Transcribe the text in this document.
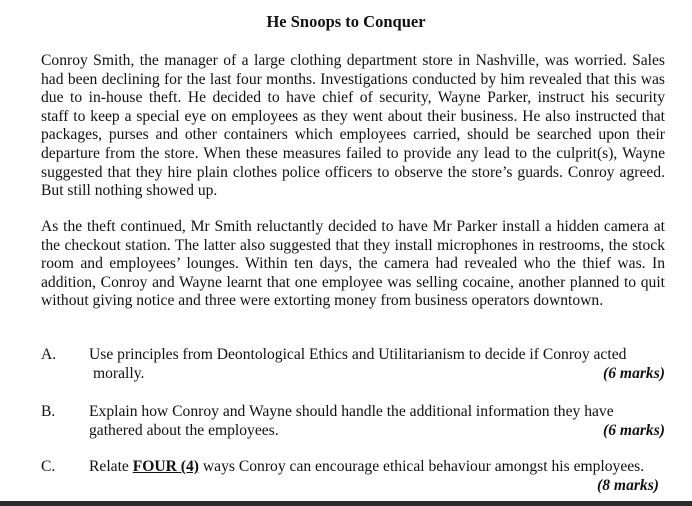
He Snoops to Conquer
Conroy Smith, the manager of a large clothing department store in Nashville, was worried. Sales
had been declining for the last four months. Investigations conducted by him revealed that this was
due to in-house theft. He decided to have chief of security, Wayne Parker, instruct his security
staff to keep a special eye on employees as they went about their business. He also instructed that
packages, purses and other containers which employees carried, should be searched upon their
departure from the store. When these measures failed to provide any lead to the culprit(s), Wayne
suggested that they hire plain clothes police officers to observe the store’s guards. Conroy agreed.
But still nothing showed up.
As the theft continued, Mr Smith reluctantly decided to have Mr Parker install a hidden camera at
the checkout station. The latter also suggested that they install microphones in restrooms, the stock
room and employees’ lounges. Within ten days, the camera had revealed who the thief was. In
addition, Conroy and Wayne learnt that one employee was selling cocaine, another planned to quit
without giving notice and three were extorting money from business operators downtown.
A. Use principles from Deontological Ethics and Utilitarianism to decide if Conroy acted
morally.	(6 marks)
B. Explain how Conroy and Wayne should handle the additional information they have
gathered about the employees.	(6 marks)
C. Relate FOUR (4) ways Conroy can encourage ethical behaviour amongst his employees.
(8 marks)
